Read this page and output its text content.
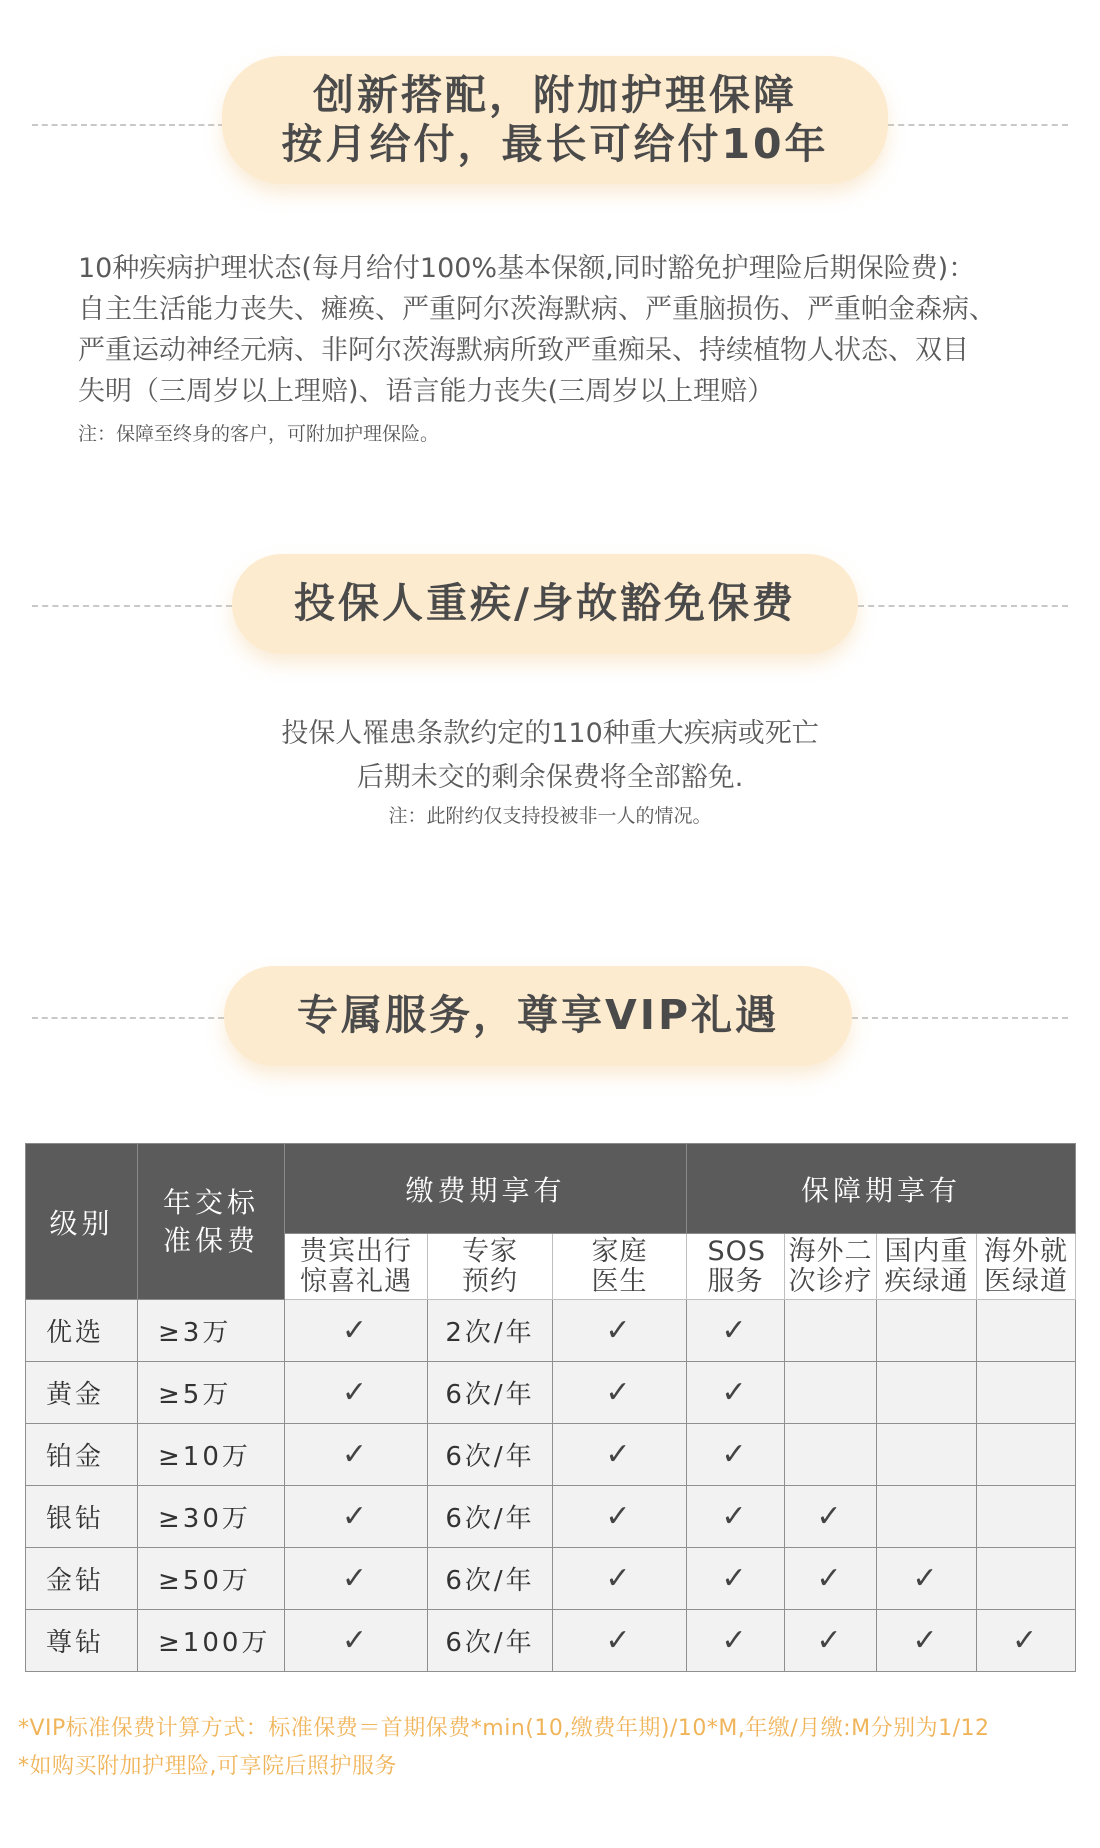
创新搭配，附加护理保障
按月给付，最长可给付10年
10种疾病护理状态(每月给付100%基本保额,同时豁免护理险后期保险费)：
自主生活能力丧失、瘫痪、严重阿尔茨海默病、严重脑损伤、严重帕金森病、
严重运动神经元病、非阿尔茨海默病所致严重痴呆、持续植物人状态、双目
失明（三周岁以上理赔)、语言能力丧失(三周岁以上理赔）
注：保障至终身的客户，可附加护理保险。
投保人重疾/身故豁免保费
投保人罹患条款约定的110种重大疾病或死亡
后期未交的剩余保费将全部豁免.
注：此附约仅支持投被非一人的情况。
专属服务，尊享VIP礼遇
级别	年交标准保费	缴费期享有			保障期享有			
		贵宾出行惊喜礼遇	专家预约	家庭医生	SOS服务	海外二次诊疗	国内重疾绿通	海外就医绿道
优选	≥3万	✓	2次/年	✓	✓			
黄金	≥5万	✓	6次/年	✓	✓			
铂金	≥10万	✓	6次/年	✓	✓			
银钻	≥30万	✓	6次/年	✓	✓	✓		
金钻	≥50万	✓	6次/年	✓	✓	✓	✓	
尊钻	≥100万	✓	6次/年	✓	✓	✓	✓	✓
*VIP标准保费计算方式：标准保费＝首期保费*min(10,缴费年期)/10*M,年缴/月缴:M分别为1/12
*如购买附加护理险,可享院后照护服务
